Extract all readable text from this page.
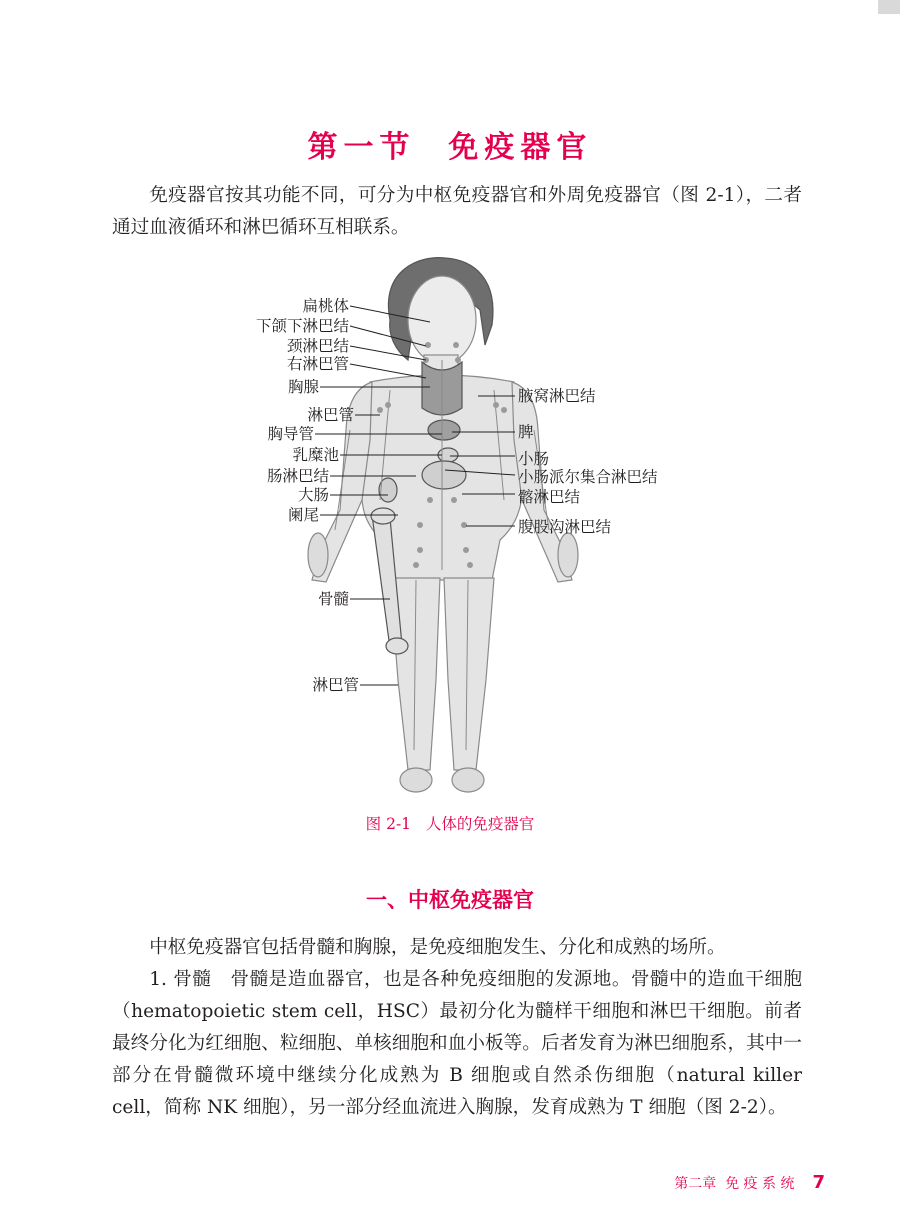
第一节  免疫器官

免疫器官按其功能不同，可分为中枢免疫器官和外周免疫器官（图 2-1），二者通过血液循环和淋巴循环互相联系。

扁桃体
下颌下淋巴结
颈淋巴结
右淋巴管
胸腺
淋巴管
胸导管
乳糜池
肠淋巴结
大肠
阑尾
骨髓
淋巴管
腋窝淋巴结
脾
小肠
小肠派尔集合淋巴结
髂淋巴结
腹股沟淋巴结
图 2-1   人体的免疫器官
一、中枢免疫器官

中枢免疫器官包括骨髓和胸腺，是免疫细胞发生、分化和成熟的场所。

1. 骨髓　骨髓是造血器官，也是各种免疫细胞的发源地。骨髓中的造血干细胞（hematopoietic stem cell，HSC）最初分化为髓样干细胞和淋巴干细胞。前者最终分化为红细胞、粒细胞、单核细胞和血小板等。后者发育为淋巴细胞系，其中一部分在骨髓微环境中继续分化成熟为 B 细胞或自然杀伤细胞（natural killer cell，简称 NK 细胞），另一部分经血流进入胸腺，发育成熟为 T 细胞（图 2-2）。

第二章  免 疫 系 统 7
